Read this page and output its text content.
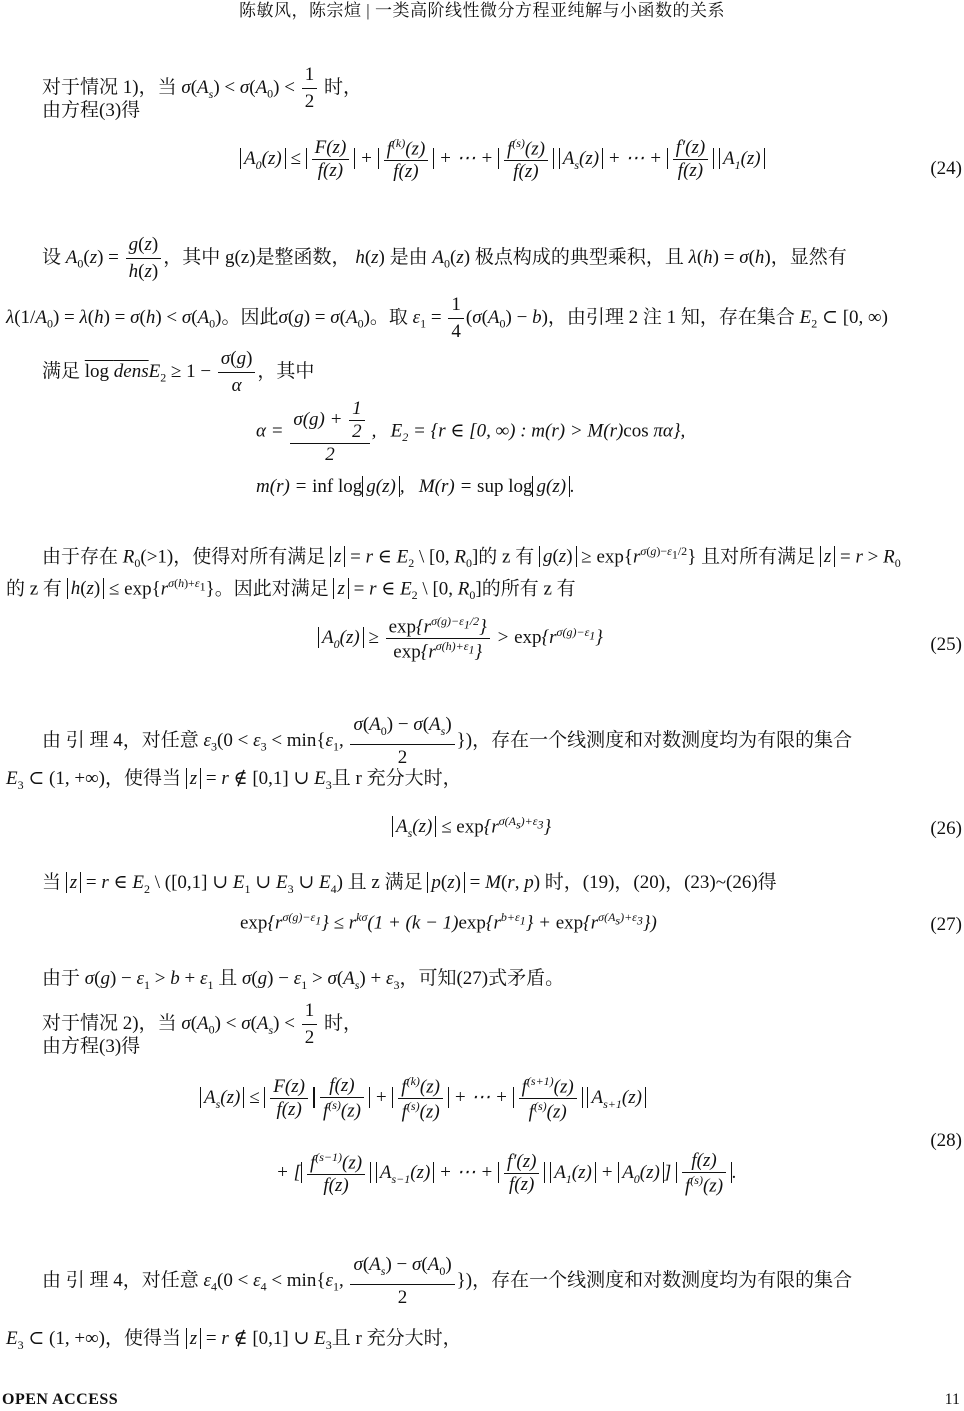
陈敏风，陈宗煊 | 一类高阶线性微分方程亚纯解与小函数的关系
对于情况 1)，当 $\sigma(A_s) < \sigma(A_0) < \frac{1}{2}$ 时，
由方程(3)得
$A_0(z) \le \frac{F(z)}{f(z)} + \frac{f^{(k)}(z)}{f(z)}$ + ⋯ + $\frac{f^{(s)}(z)}{f(z)} A_s(z)$ + ⋯ + $\frac{f'(z)}{f(z)} A_1(z)$	(24)
设 $A_0(z) = \frac{g(z)}{h(z)}$ ，其中 g(z)是整函数， h(z) 是由 $A_0(z)$ 极点构成的典型乘积，且 λ(h) = σ(h)，显然有
$\lambda(1/A_0) = \lambda(h) = \sigma(h) < \sigma(A_0)$。因此$\sigma(g) = \sigma(A_0)$。取 $\varepsilon_1 = \frac{1}{4} (\sigma(A_0) - b)$，由引理 2 注 1 知，存在集合 $E_2$ ⊂ [0, ∞)
满足 log densE$_2$ ≥ $1 - \frac{\sigma(g)}{\alpha}$ ，其中
$\alpha = \frac{\sigma(g) + \frac{1}{2}}{2}$ ,   $E_2 = \{r$ ∈ [0, ∞) : m(r) > M(r)cos πα},
m(r) = inf log g(z) ,   M(r) = sup log g(z) .
由于存在 $R_0(>1)$，使得对所有满足 z = r ∈ $E_2$ \ [0, $R_0$]的 z 有 $g(z) \ge \exp\{r^{\sigma(g)-\varepsilon_1/2}\}$ 且对所有满足 $z = r > R_0$
的 z 有 $h(z) \le \exp\{r^{\sigma(h)+\varepsilon_1}\}$。因此对满足 z = r ∈ $E_2$ \ [0, $R_0$]的所有 z 有
$A_0(z) \ge \frac{\exp\{r^{\sigma(g)-\varepsilon_1/2}\}}{\exp\{r^{\sigma(h)+\varepsilon_1}\}} > \exp\{r^{\sigma(g)-\varepsilon_1}\}$	(25)
由 引 理 4，对任意 $\varepsilon_3(0 < \varepsilon_3 < \min\{\varepsilon_1$, $\frac{\sigma(A_0) - \sigma(A_s)}{2}$ })，存在一个线测度和对数测度均为有限的集合
$E_3$ ⊂ (1, +∞)，使得当 z = r ∉ [0,1] ∪ $E_3$且 r 充分大时，
$A_s(z) \le \exp\{r^{\sigma(A_s)+\varepsilon_3}\}$	(26)
当 z = r ∈ $E_2$ \ ([0,1] ∪ $E_1$ ∪ $E_3$ ∪ $E_4$) 且 z 满足 p(z) = M(r, p) 时，(19)，(20)，(23)~(26)得
$\exp\{r^{\sigma(g)-\varepsilon_1}\} \le r^{k\sigma}(1 + (k - 1)\exp\{r^{b+\varepsilon_1}\} + \exp\{r^{\sigma(A_s)+\varepsilon_3}\})$	(27)
由于 $\sigma(g) - \varepsilon_1 > b + \varepsilon_1$ 且 $\sigma(g) - \varepsilon_1 > \sigma(A_s) + \varepsilon_3$，可知(27)式矛盾。
对于情况 2)，当 $\sigma(A_0) < \sigma(A_s) < \frac{1}{2}$ 时，
由方程(3)得
$A_s(z) \le \frac{F(z)}{f(z)} \frac{f(z)}{f^{(s)}(z)} + \frac{f^{(k)}(z)}{f^{(s)}(z)}$ + ⋯ + $\frac{f^{(s+1)}(z)}{f^{(s)}(z)} A_{s+1}(z)$
+ [ $\frac{f^{(s-1)}(z)}{f(z)} A_{s-1}(z)$ + ⋯ + $\frac{f'(z)}{f(z)} A_1(z) + A_0(z)$ ] $\frac{f(z)}{f^{(s)}(z)}$ .
(28)
由 引 理 4，对任意 $\varepsilon_4(0 < \varepsilon_4 < \min\{\varepsilon_1$, $\frac{\sigma(A_s) - \sigma(A_0)}{2}$ })，存在一个线测度和对数测度均为有限的集合
$E_3$ ⊂ (1, +∞)，使得当 z = r ∉ [0,1] ∪ $E_3$且 r 充分大时，
OPEN ACCESS	11
